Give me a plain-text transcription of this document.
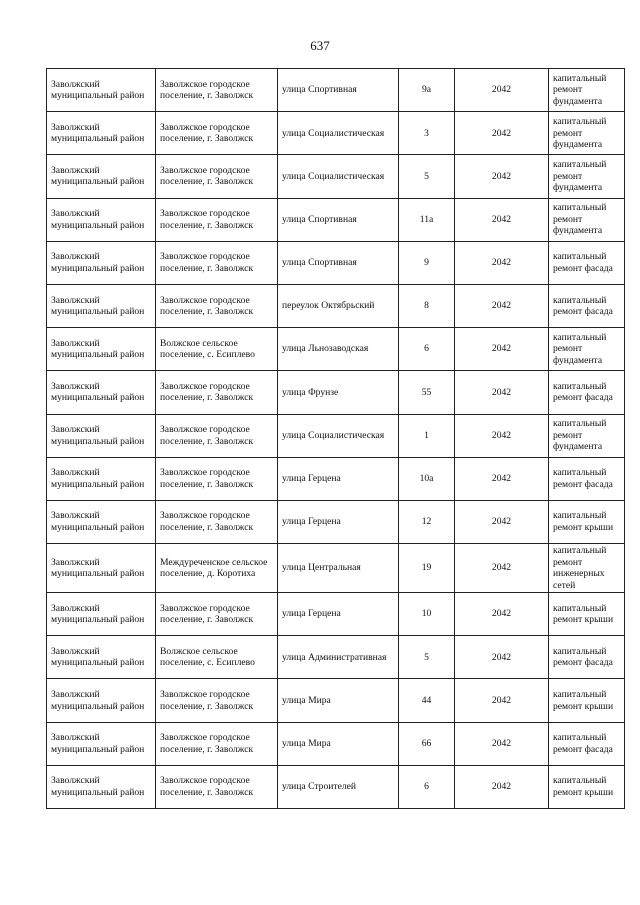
637
Заволжский муниципальный район	Заволжское городское поселение, г. Заволжск	улица Спортивная	9а	2042	капитальный ремонт фундамента
Заволжский муниципальный район	Заволжское городское поселение, г. Заволжск	улица Социалистическая	3	2042	капитальный ремонт фундамента
Заволжский муниципальный район	Заволжское городское поселение, г. Заволжск	улица Социалистическая	5	2042	капитальный ремонт фундамента
Заволжский муниципальный район	Заволжское городское поселение, г. Заволжск	улица Спортивная	11а	2042	капитальный ремонт фундамента
Заволжский муниципальный район	Заволжское городское поселение, г. Заволжск	улица Спортивная	9	2042	капитальный ремонт фасада
Заволжский муниципальный район	Заволжское городское поселение, г. Заволжск	переулок Октябрьский	8	2042	капитальный ремонт фасада
Заволжский муниципальный район	Волжское сельское поселение, с. Есиплево	улица Льнозаводская	6	2042	капитальный ремонт фундамента
Заволжский муниципальный район	Заволжское городское поселение, г. Заволжск	улица Фрунзе	55	2042	капитальный ремонт фасада
Заволжский муниципальный район	Заволжское городское поселение, г. Заволжск	улица Социалистическая	1	2042	капитальный ремонт фундамента
Заволжский муниципальный район	Заволжское городское поселение, г. Заволжск	улица Герцена	10а	2042	капитальный ремонт фасада
Заволжский муниципальный район	Заволжское городское поселение, г. Заволжск	улица Герцена	12	2042	капитальный ремонт крыши
Заволжский муниципальный район	Междуреченское сельское поселение, д. Коротиха	улица Центральная	19	2042	капитальный ремонт инженерных сетей
Заволжский муниципальный район	Заволжское городское поселение, г. Заволжск	улица Герцена	10	2042	капитальный ремонт крыши
Заволжский муниципальный район	Волжское сельское поселение, с. Есиплево	улица Административная	5	2042	капитальный ремонт фасада
Заволжский муниципальный район	Заволжское городское поселение, г. Заволжск	улица Мира	44	2042	капитальный ремонт крыши
Заволжский муниципальный район	Заволжское городское поселение, г. Заволжск	улица Мира	66	2042	капитальный ремонт фасада
Заволжский муниципальный район	Заволжское городское поселение, г. Заволжск	улица Строителей	6	2042	капитальный ремонт крыши
